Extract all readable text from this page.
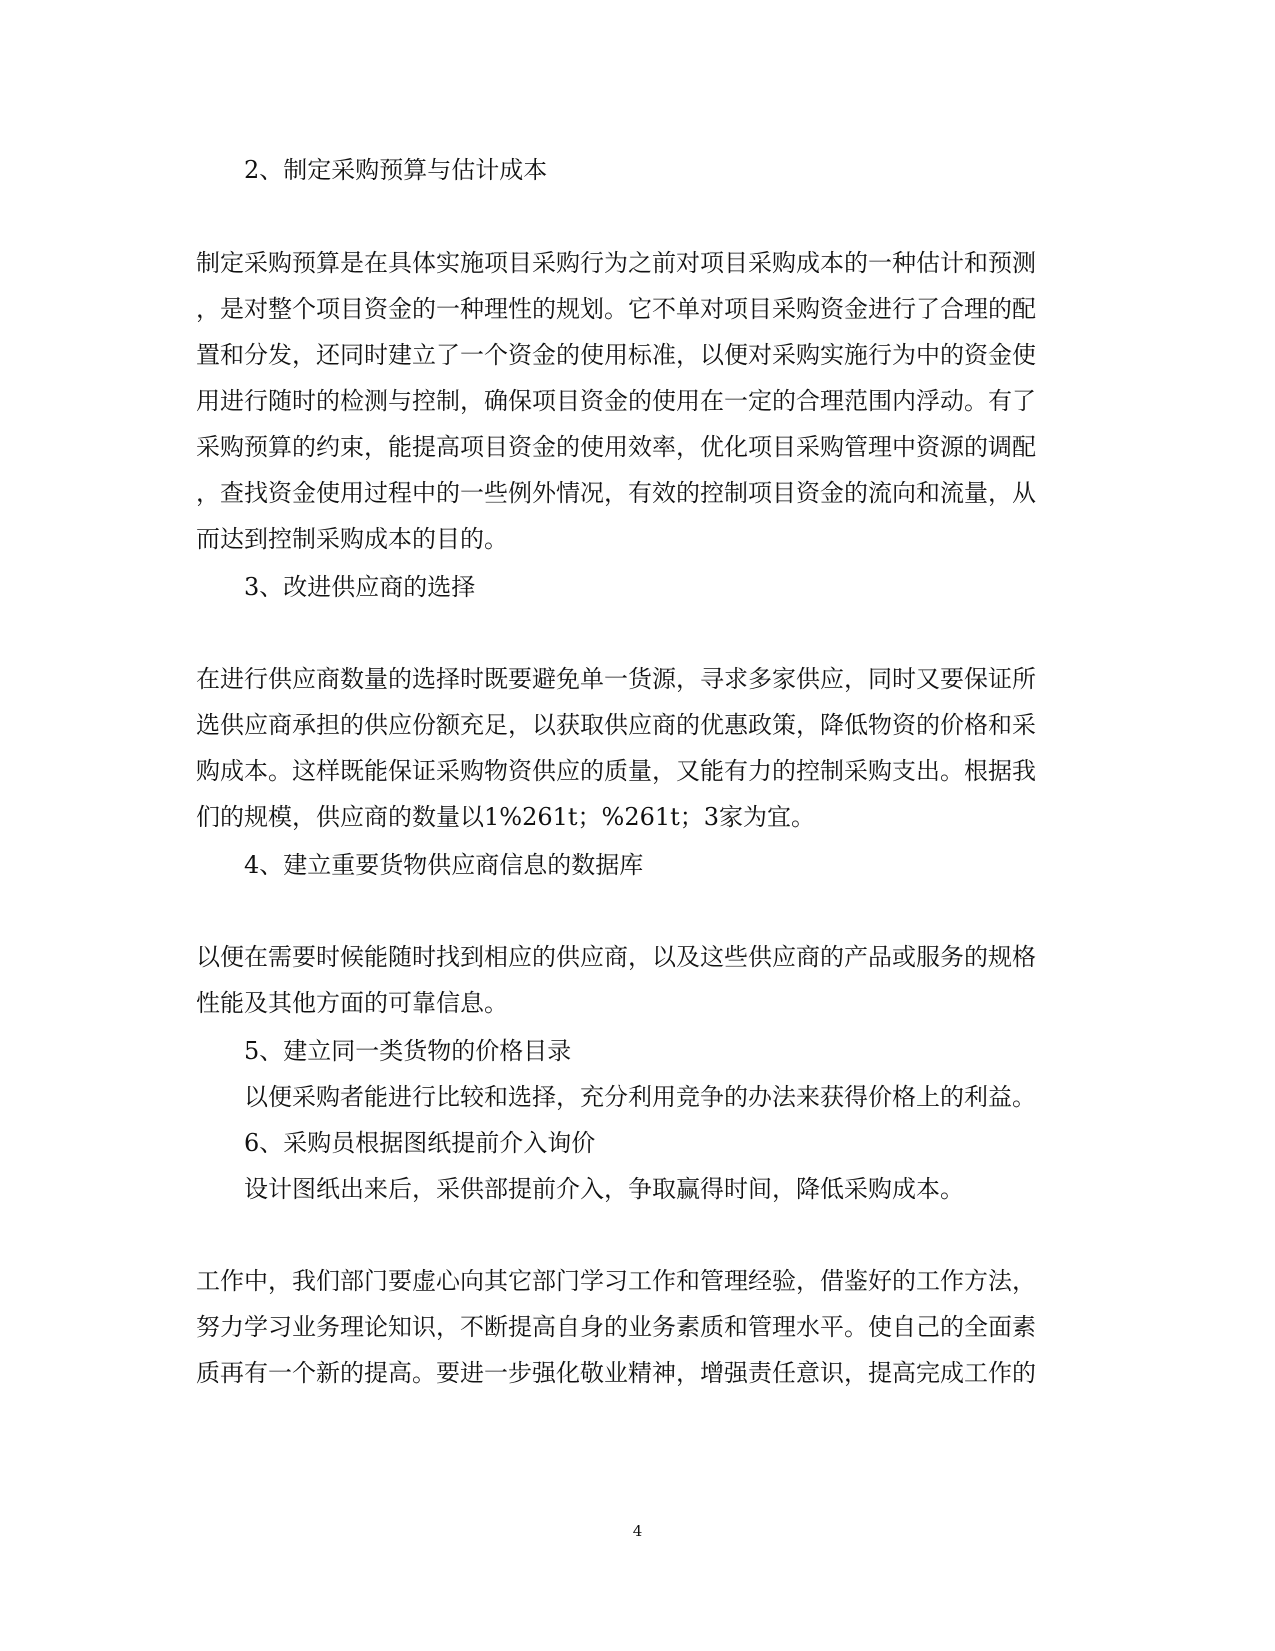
2、制定采购预算与估计成本
制定采购预算是在具体实施项目采购行为之前对项目采购成本的一种估计和预测
，是对整个项目资金的一种理性的规划。它不单对项目采购资金进行了合理的配
置和分发，还同时建立了一个资金的使用标准，以便对采购实施行为中的资金使
用进行随时的检测与控制，确保项目资金的使用在一定的合理范围内浮动。有了
采购预算的约束，能提高项目资金的使用效率，优化项目采购管理中资源的调配
，查找资金使用过程中的一些例外情况，有效的控制项目资金的流向和流量，从
而达到控制采购成本的目的。
3、改进供应商的选择
在进行供应商数量的选择时既要避免单一货源，寻求多家供应，同时又要保证所
选供应商承担的供应份额充足，以获取供应商的优惠政策，降低物资的价格和采
购成本。这样既能保证采购物资供应的质量，又能有力的控制采购支出。根据我
们的规模，供应商的数量以1%261t；%261t；3家为宜。
4、建立重要货物供应商信息的数据库
以便在需要时候能随时找到相应的供应商，以及这些供应商的产品或服务的规格
性能及其他方面的可靠信息。
5、建立同一类货物的价格目录
以便采购者能进行比较和选择，充分利用竞争的办法来获得价格上的利益。
6、采购员根据图纸提前介入询价
设计图纸出来后，采供部提前介入，争取赢得时间，降低采购成本。
工作中，我们部门要虚心向其它部门学习工作和管理经验，借鉴好的工作方法，
努力学习业务理论知识，不断提高自身的业务素质和管理水平。使自己的全面素
质再有一个新的提高。要进一步强化敬业精神，增强责任意识，提高完成工作的
4
